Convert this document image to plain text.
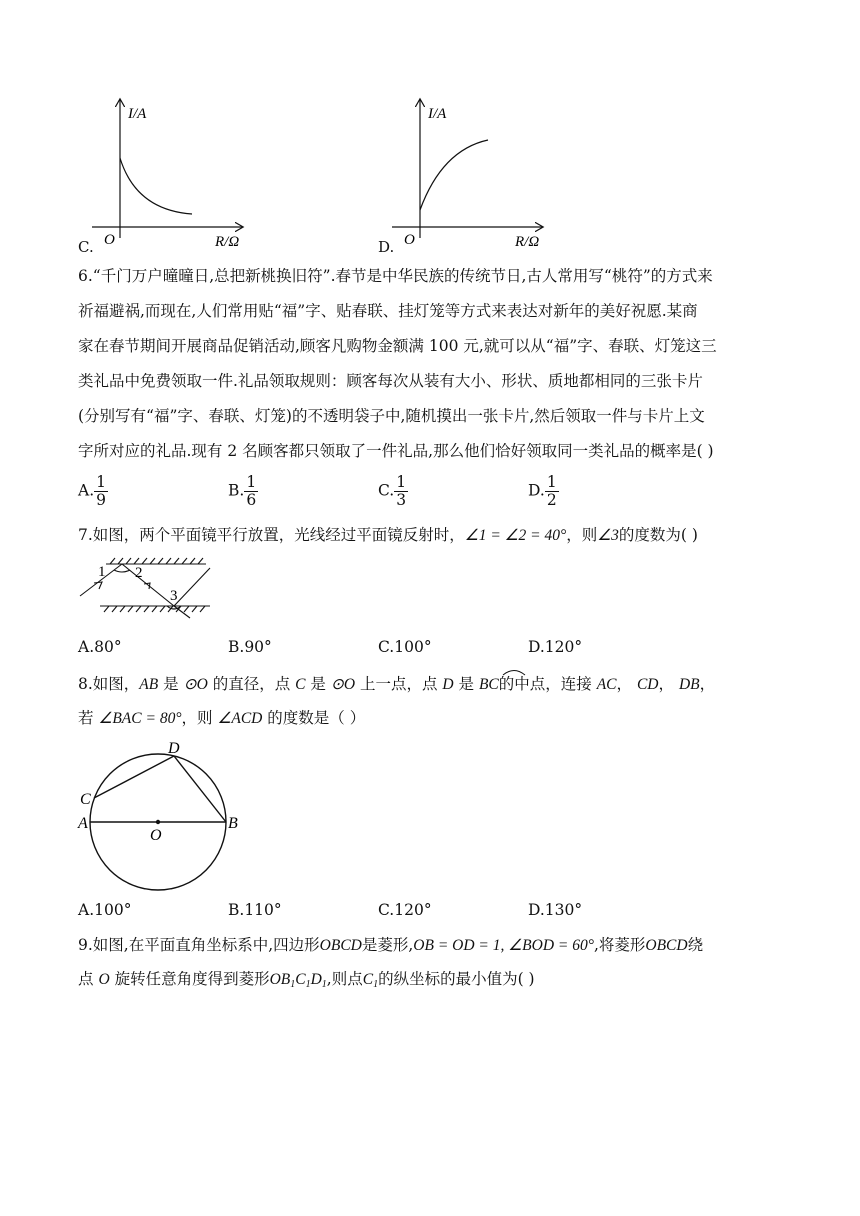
C.
I/A
R/Ω
O	D.
I/A
R/Ω
O
6.“千门万户曈曈日,总把新桃换旧符”.春节是中华民族的传统节日,古人常用写“桃符”的方式来
祈福避祸,而现在,人们常用贴“福”字、贴春联、挂灯笼等方式来表达对新年的美好祝愿.某商
家在春节期间开展商品促销活动,顾客凡购物金额满 100 元,就可以从“福”字、春联、灯笼这三
类礼品中免费领取一件.礼品领取规则：顾客每次从装有大小、形状、质地都相同的三张卡片
(分别写有“福”字、春联、灯笼)的不透明袋子中,随机摸出一张卡片,然后领取一件与卡片上文
字所对应的礼品.现有 2 名顾客都只领取了一件礼品,那么他们恰好领取同一类礼品的概率是( )
A. $\frac{1}{9}$	B. $\frac{1}{6}$	C. $\frac{1}{3}$	D. $\frac{1}{2}$
7.如图，两个平面镜平行放置，光线经过平面镜反射时，∠1 = ∠2 = 40°，则∠3的度数为( )
1 2
3
A.80°	B.90°	C.100°	D.120°
8.如图，AB 是 ⊙O 的直径，点 C 是 ⊙O 上一点，点 D 是 BC的中点，连接 AC， CD， DB，
若 ∠BAC = 80°，则 ∠ACD 的度数是（ ）
D
C
A	B
O
A.100°	B.110°	C.120°	D.130°
9.如图,在平面直角坐标系中,四边形OBCD是菱形,OB = OD = 1, ∠BOD = 60°,将菱形OBCD绕
点 O 旋转任意角度得到菱形$OB_1C_1D_1$,则点$C_1$的纵坐标的最小值为( )
